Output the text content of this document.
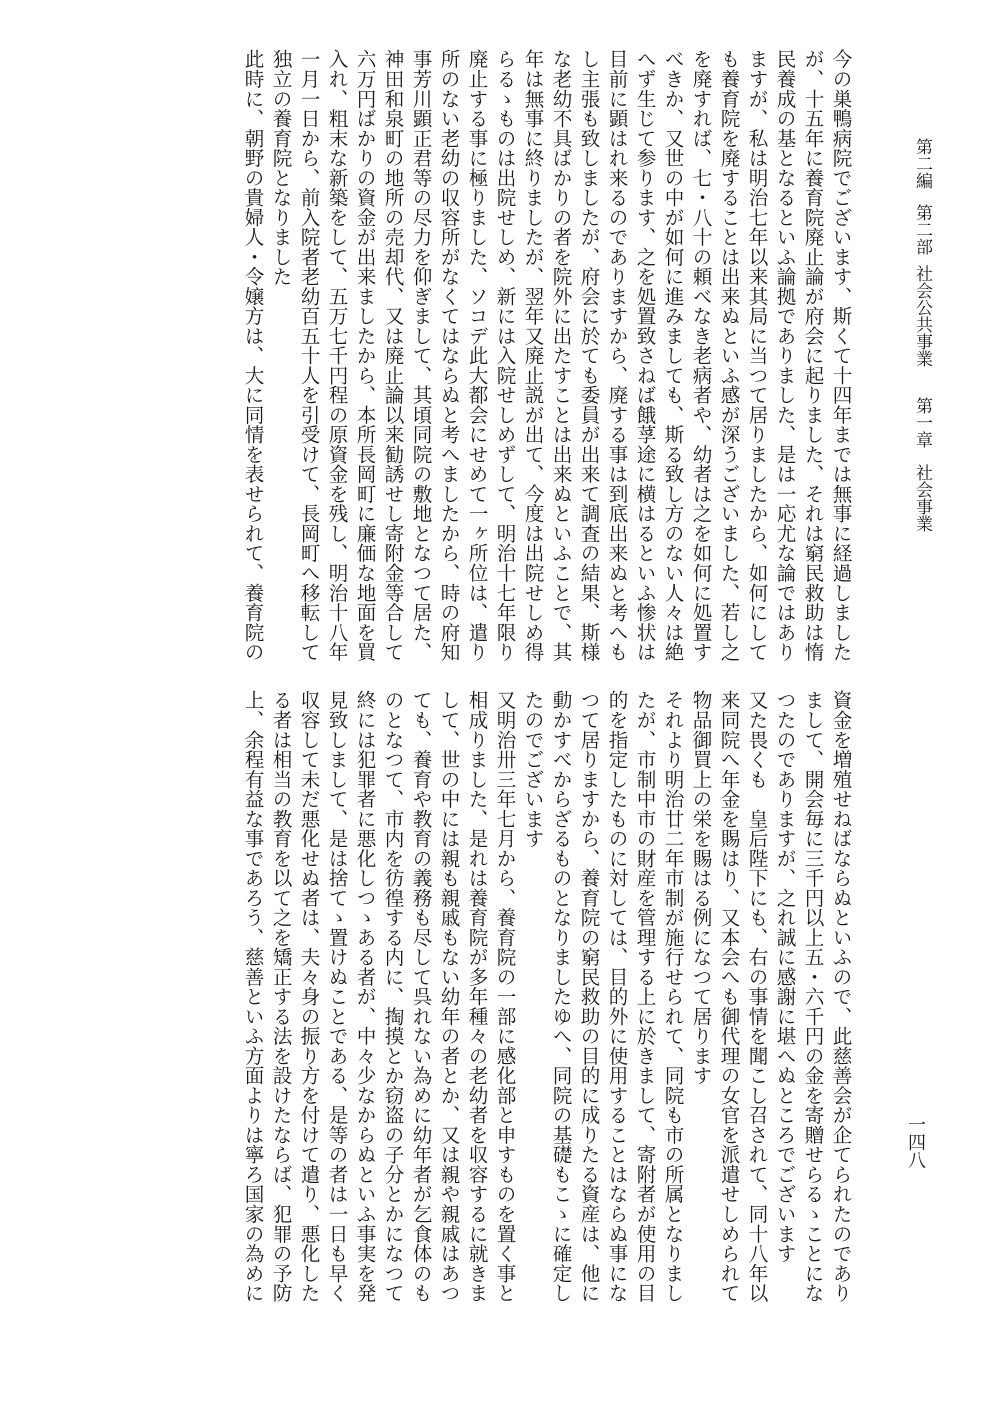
第二編
第二部
社会公共事業
第一章
社会事業
一四八
今の巣鴨病院でございます、斯くて十四年までは無事に経過しました
が、十五年に養育院廃止論が府会に起りました、それは窮民救助は惰
民養成の基となるといふ論拠でありました、是は一応尤な論ではあり
ますが、私は明治七年以来其局に当つて居りましたから、如何にして
も養育院を廃することは出来ぬといふ感が深うございました、若し之
を廃すれば、七・八十の頼べなき老病者や、幼者は之を如何に処置す
べきか、又世の中が如何に進みましても、斯る致し方のない人々は絶
へず生じて参ります、之を処置致さねば餓莩途に横はるといふ惨状は
目前に顕はれ来るのでありますから、廃する事は到底出来ぬと考へも
し主張も致しましたが、府会に於ても委員が出来て調査の結果、斯様
な老幼不具ばかりの者を院外に出たすことは出来ぬといふことで、其
年は無事に終りましたが、翌年又廃止説が出て、今度は出院せしめ得
らるゝものは出院せしめ、新には入院せしめずして、明治十七年限り
廃止する事に極りました、ソコデ此大都会にせめて一ヶ所位は、遣り
所のない老幼の収容所がなくてはならぬと考へましたから、時の府知
事芳川顕正君等の尽力を仰ぎまして、其頃同院の敷地となつて居た、
神田和泉町の地所の売却代、又は廃止論以来勧誘せし寄附金等合して
六万円ばかりの資金が出来ましたから、本所長岡町に廉価な地面を買
入れ、粗末な新築をして、五万七千円程の原資金を残し、明治十八年
一月一日から、前入院者老幼百五十人を引受けて、長岡町へ移転して
独立の養育院となりました
此時に、朝野の貴婦人・令嬢方は、大に同情を表せられて、養育院の
資金を増殖せねばならぬといふので、此慈善会が企てられたのであり
まして、開会毎に三千円以上五・六千円の金を寄贈せらるゝことにな
つたのでありますが、之れ誠に感謝に堪へぬところでございます
又た畏くも　皇后陛下にも、右の事情を聞こし召されて、同十八年以
来同院へ年金を賜はり、又本会へも御代理の女官を派遣せしめられて
物品御買上の栄を賜はる例になつて居ります
それより明治廿二年市制が施行せられて、同院も市の所属となりまし
たが、市制中市の財産を管理する上に於きまして、寄附者が使用の目
的を指定したものに対しては、目的外に使用することはならぬ事にな
つて居りますから、養育院の窮民救助の目的に成りたる資産は、他に
動かすべからざるものとなりましたゆへ、同院の基礎もこゝに確定し
たのでございます
又明治卅三年七月から、養育院の一部に感化部と申すものを置く事と
相成りました、是れは養育院が多年種々の老幼者を収容するに就きま
して、世の中には親も親戚もない幼年の者とか、又は親や親戚はあつ
ても、養育や教育の義務も尽して呉れない為めに幼年者が乞食体のも
のとなつて、市内を彷徨する内に、掏摸とか窃盗の子分とかになつて
終には犯罪者に悪化しつゝある者が、中々少なからぬといふ事実を発
見致しまして、是は捨てゝ置けぬことである、是等の者は一日も早く
収容して未だ悪化せぬ者は、夫々身の振り方を付けて遣り、悪化した
る者は相当の教育を以て之を矯正する法を設けたならば、犯罪の予防
上、余程有益な事であろう、慈善といふ方面よりは寧ろ国家の為めに
